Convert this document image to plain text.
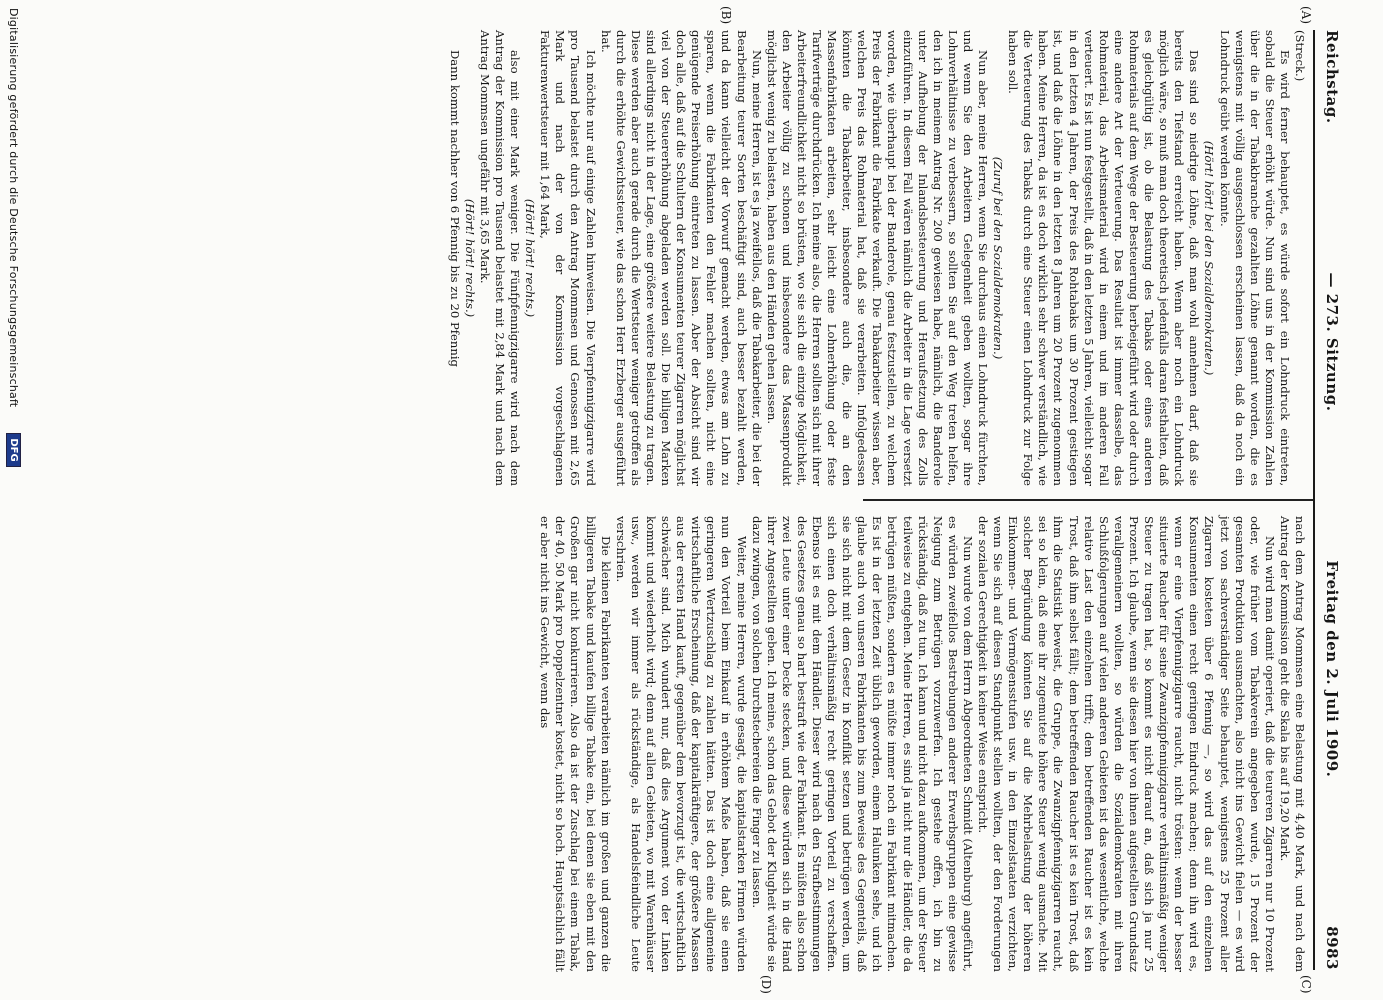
Reichstag.
— 273. Sitzung.
Freitag den 2. Juli 1909.
8983
(A)
(B)
(C)
(D)

(Streck.)

Es wird ferner behauptet, es würde sofort ein Lohndruck eintreten, sobald die Steuer erhöht würde. Nun sind uns in der Kommission Zahlen über die in der Tabakbranche gezahlten Löhne genannt worden, die es wenigstens mit völlig ausgeschlossen erscheinen lassen, daß da noch ein Lohndruck geübt werden könnte.

(Hört! hört! bei den Sozialdemokraten.)

Das sind so niedrige Löhne, daß man wohl annehmen darf, daß sie bereits den Tiefstand erreicht haben. Wenn aber noch ein Lohndruck möglich wäre, so muß man doch theoretisch jedenfalls daran festhalten, daß es gleichgültig ist, ob die Belastung des Tabaks oder eines anderen Rohmaterials auf dem Wege der Besteuerung herbeigeführt wird oder durch eine andere Art der Verteuerung. Das Resultat ist immer dasselbe, das Rohmaterial, das Arbeitsmaterial wird in einem und im anderen Fall verteuert. Es ist nun festgestellt, daß in den letzten 5 Jahren, vielleicht sogar in den letzten 4 Jahren, der Preis des Rohtabaks um 30 Prozent gestiegen ist, und daß die Löhne in den letzten 8 Jahren um 20 Prozent zugenommen haben. Meine Herren, da ist es doch wirklich sehr schwer verständlich, wie die Verteuerung des Tabaks durch eine Steuer einen Lohndruck zur Folge haben soll.

(Zuruf bei den Sozialdemokraten.)

Nun aber, meine Herren, wenn Sie durchaus einen Lohndruck fürchten, und wenn Sie den Arbeitern Gelegenheit geben wollten, sogar ihre Lohnverhältnisse zu verbessern, so sollten Sie auf den Weg treten helfen, den ich in meinem Antrag Nr. 200 gewiesen habe, nämlich, die Banderole unter Aufhebung der Inlandsbesteuerung und Heraufsetzung des Zolls einzuführen. In diesem Fall wären nämlich die Arbeiter in die Lage versetzt worden, wie überhaupt bei der Banderole, genau festzustellen, zu welchem Preis der Fabrikant die Fabrikate verkauft. Die Tabakarbeiter wissen aber, welchen Preis das Rohmaterial hat, daß sie verarbeiten. Infolgedessen könnten die Tabakarbeiter, insbesondere auch die, die an den Massenfabrikaten arbeiten, sehr leicht eine Lohnerhöhung oder feste Tarifverträge durchdrücken. Ich meine also, die Herren sollten sich mit ihrer Arbeiterfreundlichkeit nicht so brüsten, wo sie sich die einzige Möglichkeit, den Arbeiter völlig zu schonen und insbesondere das Massenprodukt möglichst wenig zu belasten, haben aus den Händen gehen lassen.

Nun, meine Herren, ist es ja zweifellos, daß die Tabakarbeiter, die bei der Bearbeitung teurer Sorten beschäftigt sind, auch besser bezahlt werden, und da kann vielleicht der Vorwurf gemacht werden, etwas am Lohn zu sparen, wenn die Fabrikanten den Fehler machen sollten, nicht eine genügende Preiserhöhung eintreten zu lassen. Aber der Absicht sind wir doch alle, daß auf die Schultern der Konsumenten teurer Zigarren möglichst viel von der Steuererhöhung abgeladen werden soll. Die billigen Marken sind allerdings nicht in der Lage, eine größere weitere Belastung zu tragen. Diese werden aber auch gerade durch die Wertsteuer weniger getroffen als durch die erhöhte Gewichtssteuer, wie das schon Herr Erzberger ausgeführt hat.

Ich möchte nur auf einige Zahlen hinweisen. Die Vierpfennigzigarre wird pro Tausend belastet durch den Antrag Mommsen und Genossen mit 2,65 Mark und nach der von der Kommission vorgeschlagenen Fakturenwertsteuer mit 1,64 Mark,

(Hört! hört! rechts.)

also mit einer Mark weniger. Die Fünfpfennigzigarre wird nach dem Antrag der Kommission pro Tausend belastet mit 2,84 Mark und nach dem Antrag Mommsen ungefähr mit 3,65 Mark.

(Hört! hört! rechts.)

Dann kommt nachher von 6 Pfennig bis zu 20 Pfennig

nach dem Antrag Mommsen eine Belastung mit 4,40 Mark, und nach dem Antrag der Kommission geht die Skala bis auf 19,20 Mark.

Nun wird man damit operiert, daß die teureren Zigarren nur 10 Prozent oder, wie früher vom Tabakverein angegeben wurde, 15 Prozent der gesamten Produktion ausmachten, also nicht ins Gewicht fielen — es wird jetzt von sachverständiger Seite behauptet, wenigstens 25 Prozent aller Zigarren kosteten über 6 Pfennig —, so wird das auf den einzelnen Konsumenten einen recht geringen Eindruck machen; denn ihn wird es, wenn er eine Vierpfennigzigarre raucht, nicht trösten: wenn der besser situierte Raucher für seine Zwanzigpfennigzigarre verhältnismäßig weniger Steuer zu tragen hat, so kommt es nicht darauf an, daß sich ja nur 25 Prozent. Ich glaube, wenn sie diesen hier von ihnen aufgestellten Grundsatz verallgemeinern wollten, so würden die Sozialdemokraten mit ihren Schlußfolgerungen auf vielen anderen Gebieten ist das wesentliche, welche relative Last den einzelnen trifft; dem betreffenden Raucher ist es kein Trost, daß ihm selbst fällt; dem betreffenden Raucher ist es kein Trost, daß ihm die Statistik beweist, die Gruppe, die Zwanzigpfennigzigarren raucht, sei so klein, daß eine ihr zugemutete höhere Steuer wenig ausmache. Mit solcher Begründung könnten Sie auf die Mehrbelastung der höheren Einkommen- und Vermögensstufen usw. in den Einzelstaaten verzichten, wenn Sie sich auf diesen Standpunkt stellen wollten, der den Forderungen der sozialen Gerechtigkeit in keiner Weise entspricht.

Nun wurde von dem Herrn Abgeordneten Schmidt (Altenburg) angeführt, es würden zweifellos Bestrebungen anderer Erwerbsgruppen eine gewisse Neigung zum Betrügen vorzuwerfen. Ich gestehe offen, ich bin zu rückständig, daß zu tun. Ich kann und nicht dazu aufkommen, um der Steuer teilweise zu entgehen. Meine Herren, es sind ja nicht nur die Händler, die da betrügen müßten, sondern es müßte immer noch ein Fabrikant mitmachen. Es ist in der letzten Zeit üblich geworden, einem Halunken sehe, und ich glaube auch von unseren Fabrikanten bis zum Beweise des Gegenteils, daß sie sich nicht mit dem Gesetz in Konflikt setzen und betrügen werden, um sich einen doch verhältnismäßig recht geringen Vorteil zu verschaffen. Ebenso ist es mit dem Händler. Dieser wird nach den Strafbestimmungen des Gesetzes genau so hart bestraft wie der Fabrikant. Es müßten also schon zwei Leute unter einer Decke stecken, und diese würden sich in die Hand ihrer Angestellten geben. Ich meine, schon das Gebot der Klugheit würde sie dazu zwingen, von solchen Durchstechereien die Finger zu lassen.

Weiter, meine Herren, wurde gesagt, die kapitalstarken Firmen würden nun den Vorteil beim Einkauf in erhöhtem Maße haben, daß sie einen geringeren Wertzuschlag zu zahlen hätten. Das ist doch eine allgemeine wirtschaftliche Erscheinung, daß der kapitalkräftigere, der größere Massen aus der ersten Hand kauft, gegenüber dem bevorzugt ist, die wirtschaftlich schwächer sind. Mich wundert nur, daß dies Argument von der Linken kommt und wiederholt wird; denn auf allen Gebieten, wo mit Warenhäuser usw., werden wir immer als rückständige, als Handelsfeindliche Leute verschrien.

Die kleinen Fabrikanten verarbeiten nämlich im großen und ganzen die billigeren Tabake und kaufen billige Tabake ein, bei denen sie eben mit den Großen gar nicht konkurrieren. Also da ist der Zuschlag bei einem Tabak, der 40, 50 Mark pro Doppelzentner kostet, nicht so hoch. Hauptsächlich fällt er aber nicht ins Gewicht, wenn das

Digitalisierung gefördert durch die Deutsche Forschungsgemeinschaft
DFG
